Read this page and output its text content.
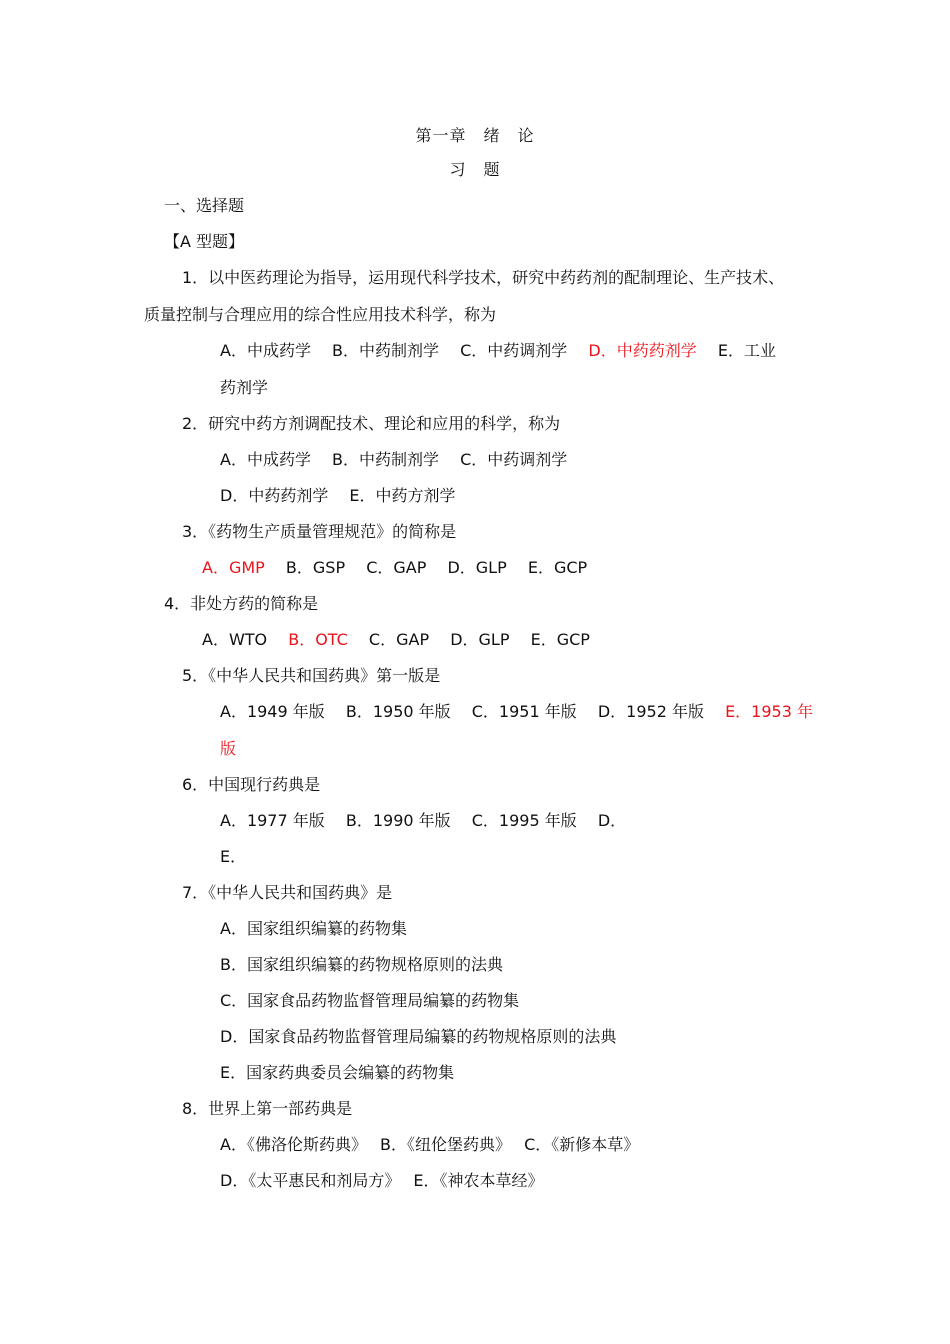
第一章　绪　论
习　题
一、选择题
【A 型题】
1．以中医药理论为指导，运用现代科学技术，研究中药药剂的配制理论、生产技术、
质量控制与合理应用的综合性应用技术科学，称为
A．中成药学　 B．中药制剂学　 C．中药调剂学　 D．中药药剂学　 E．工业
药剂学
2．研究中药方剂调配技术、理论和应用的科学，称为
A．中成药学　 B．中药制剂学　 C．中药调剂学
D．中药药剂学　 E．中药方剂学
3．《药物生产质量管理规范》的简称是
A．GMP　 B．GSP　 C．GAP　 D．GLP　 E．GCP
4．非处方药的简称是
A．WTO　 B．OTC　 C．GAP　 D．GLP　 E．GCP
5．《中华人民共和国药典》第一版是
A．1949 年版　 B．1950 年版　 C．1951 年版　 D．1952 年版　 E．1953 年
版
6．中国现行药典是
A．1977 年版　 B．1990 年版　 C．1995 年版　 D．
E．
7．《中华人民共和国药典》是
A．国家组织编纂的药物集
B．国家组织编纂的药物规格原则的法典
C．国家食品药物监督管理局编纂的药物集
D．国家食品药物监督管理局编纂的药物规格原则的法典
E．国家药典委员会编纂的药物集
8．世界上第一部药典是
A．《佛洛伦斯药典》　 B．《纽伦堡药典》　 C．《新修本草》
D．《太平惠民和剂局方》　 E．《神农本草经》
